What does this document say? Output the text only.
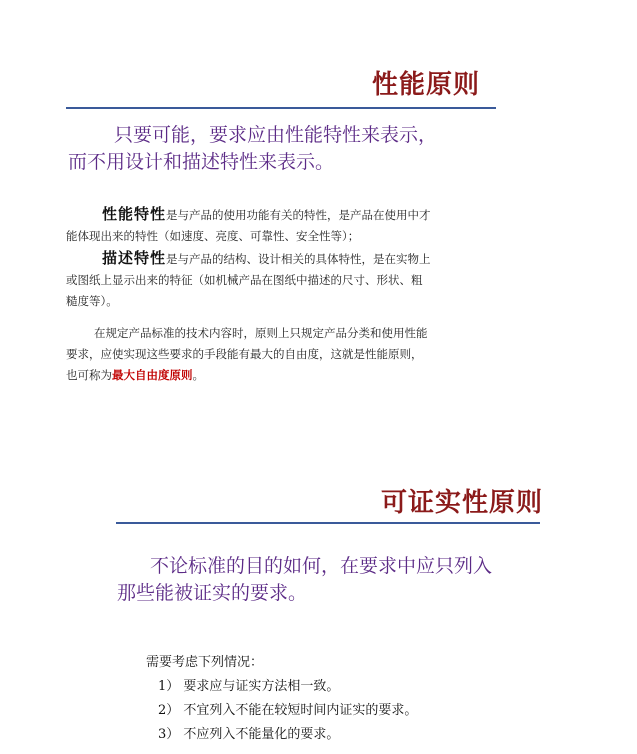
性能原则
只要可能，要求应由性能特性来表示，
而不用设计和描述特性来表示。
性能特性是与产品的使用功能有关的特性，是产品在使用中才
能体现出来的特性（如速度、亮度、可靠性、安全性等）；
描述特性是与产品的结构、设计相关的具体特性，是在实物上
或图纸上显示出来的特征（如机械产品在图纸中描述的尺寸、形状、粗
糙度等）。
在规定产品标准的技术内容时，原则上只规定产品分类和使用性能
要求，应使实现这些要求的手段能有最大的自由度，这就是性能原则，
也可称为最大自由度原则。
可证实性原则
不论标准的目的如何，在要求中应只列入
那些能被证实的要求。
需要考虑下列情况：
1） 要求应与证实方法相一致。
2） 不宜列入不能在较短时间内证实的要求。
3） 不应列入不能量化的要求。
